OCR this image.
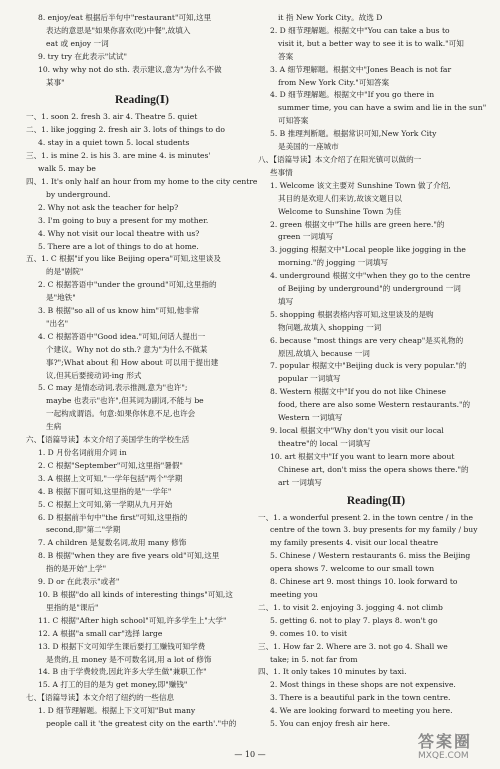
8. enjoy/eat 根据后半句中"restaurant"可知,这里
表达的意思是"如果你喜欢(吃)中餐",故填入
eat 或 enjoy 一词
9. try try 在此表示"试试"
10. why why not do sth. 表示建议,意为"为什么不做
某事"
Reading(Ⅰ)
一、1. soon 2. fresh 3. air 4. Theatre 5. quiet
二、1. like jogging 2. fresh air 3. lots of things to do
4. stay in a quiet town 5. local students
三、1. is mine 2. is his 3. are mine 4. is minutes'
walk 5. may be
四、1. It's only half an hour from my home to the city centre
by underground.
2. Why not ask the teacher for help?
3. I'm going to buy a present for my mother.
4. Why not visit our local theatre with us?
5. There are a lot of things to do at home.
五、1. C 根据"if you like Beijing opera"可知,这里谈及
的是"剧院"
2. C 根据答语中"under the ground"可知,这里指的
是"地铁"
3. B 根据"so all of us know him"可知,他非常
"出名"
4. C 根据答语中"Good idea."可知,问话人提出一
个建议。Why not do sth.? 意为"为什么不做某
事?";What about 和 How about 可以用于提出建
议,但其后要接动词-ing 形式
5. C may 是情态动词,表示推测,意为"也许";
maybe 也表示"也许",但其词为副词,不能与 be
一起构成谓语。句意:如果你休息不足,也许会
生病
六、【语篇导读】本文介绍了美国学生的学校生活
1. D 月份名词前用介词 in
2. C 根据"September"可知,这里指"暑假"
3. A 根据上文可知,"一学年包括"两个"学期
4. B 根据下面可知,这里指的是"一学年"
5. C 根据上文可知,第一学期从九月开始
6. D 根据前半句中"the first"可知,这里指的
second,即"第二"学期
7. A children 是复数名词,故用 many 修饰
8. B 根据"when they are five years old"可知,这里
指的是开始"上学"
9. D or 在此表示"或者"
10. B 根据"do all kinds of interesting things"可知,这
里指的是"课后"
11. C 根据"After high school"可知,许多学生上"大学"
12. A 根据"a small car"选择 large
13. D 根据下文可知学生课后要打工赚钱可知学费
是贵的,且 money 是不可数名词,用 a lot of 修饰
14. B 由于学费较贵,因此许多大学生做"兼职工作"
15. A 打工的目的是为 get money,即"赚钱"
七、【语篇导读】本文介绍了纽约的一些信息
1. D 细节理解题。根据上下文可知"But many
people call it 'the greatest city on the earth'."中的
it 指 New York City。故选 D
2. D 细节理解题。根据文中"You can take a bus to
visit it, but a better way to see it is to walk."可知
答案
3. A 细节理解题。根据文中"Jones Beach is not far
from New York City."可知答案
4. D 细节理解题。根据文中"If you go there in
summer time, you can have a swim and lie in the sun"
可知答案
5. B 推理判断题。根据常识可知,New York City
是美国的一座城市
八、【语篇导读】本文介绍了在阳光镇可以做的一
些事情
1. Welcome 该文主要对 Sunshine Town 做了介绍,
其目的是欢迎人们来访,故该文题目以
Welcome to Sunshine Town 为佳
2. green 根据文中"The hills are green here."的
green 一词填写
3. jogging 根据文中"Local people like jogging in the
morning."的 jogging 一词填写
4. underground 根据文中"when they go to the centre
of Beijing by underground"的 underground 一词
填写
5. shopping 根据表格内容可知,这里谈及的是购
物问题,故填入 shopping 一词
6. because "most things are very cheap"是买礼物的
原因,故填入 because 一词
7. popular 根据文中"Beijing duck is very popular."的
popular 一词填写
8. Western 根据文中"If you do not like Chinese
food, there are also some Western restaurants."的
Western 一词填写
9. local 根据文中"Why don't you visit our local
theatre"的 local 一词填写
10. art 根据文中"If you want to learn more about
Chinese art, don't miss the opera shows there."的
art 一词填写
Reading(Ⅱ)
一、1. a wonderful present 2. in the town centre / in the
centre of the town 3. buy presents for my family / buy
my family presents 4. visit our local theatre
5. Chinese / Western restaurants 6. miss the Beijing
opera shows 7. welcome to our small town
8. Chinese art 9. most things 10. look forward to
meeting you
二、1. to visit 2. enjoying 3. jogging 4. not climb
5. getting 6. not to play 7. plays 8. won't go
9. comes 10. to visit
三、1. How far 2. Where are 3. not go 4. Shall we
take; in 5. not far from
四、1. It only takes 10 minutes by taxi.
2. Most things in these shops are not expensive.
3. There is a beautiful park in the town centre.
4. We are looking forward to meeting you here.
5. You can enjoy fresh air here.
— 10 —
答案圈
MXQE.COM
